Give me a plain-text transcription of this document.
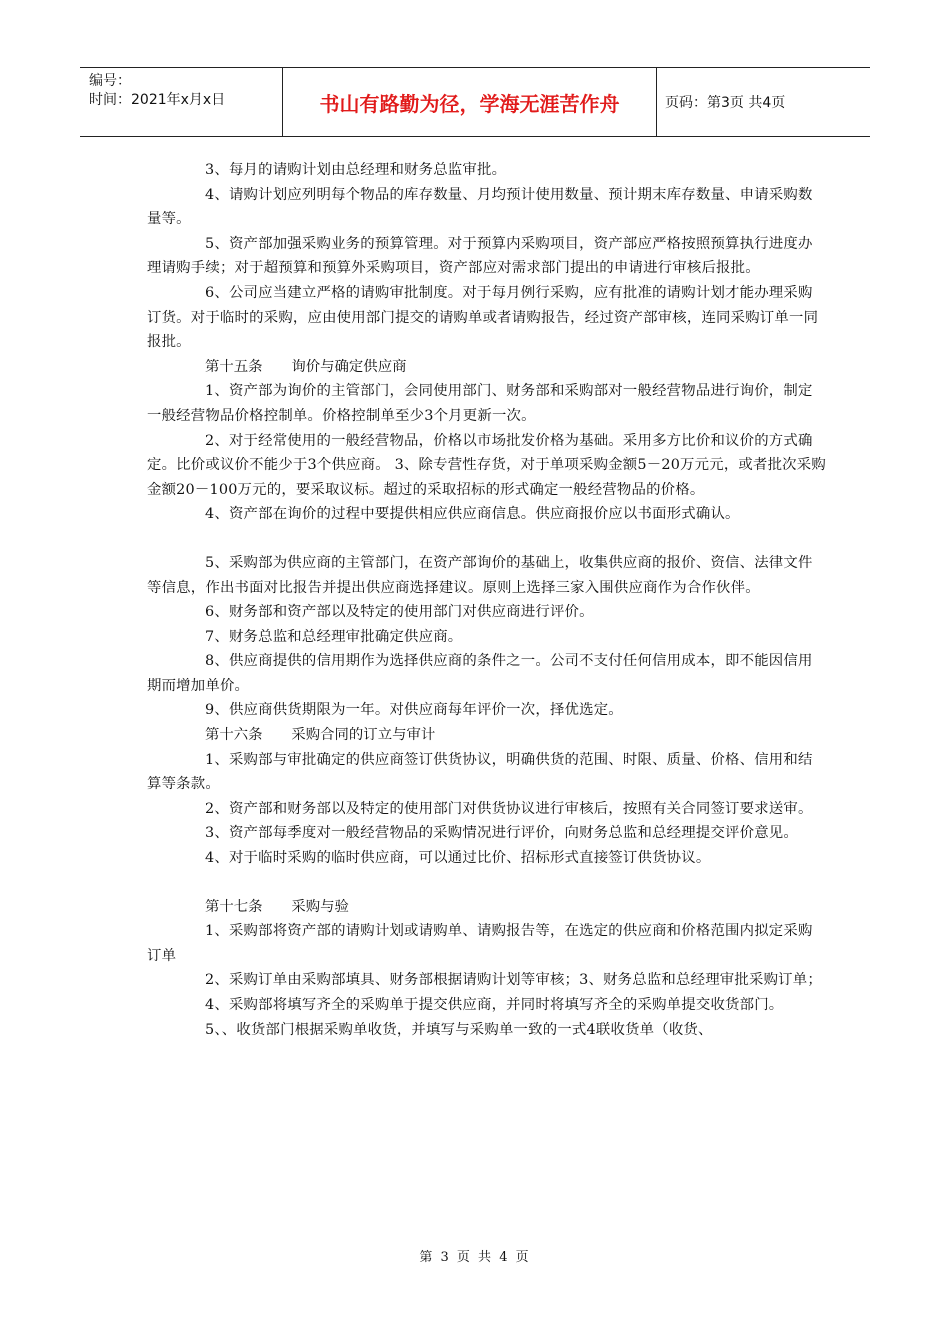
编号：
时间：2021年x月x日	书山有路勤为径，学海无涯苦作舟	页码：第3页 共4页

3、每月的请购计划由总经理和财务总监审批。

4、请购计划应列明每个物品的库存数量、月均预计使用数量、预计期末库存数量、申请采购数量等。

5、资产部加强采购业务的预算管理。对于预算内采购项目，资产部应严格按照预算执行进度办理请购手续；对于超预算和预算外采购项目，资产部应对需求部门提出的申请进行审核后报批。

6、公司应当建立严格的请购审批制度。对于每月例行采购，应有批准的请购计划才能办理采购订货。对于临时的采购，应由使用部门提交的请购单或者请购报告，经过资产部审核，连同采购订单一同报批。

第十五条　　询价与确定供应商

1、资产部为询价的主管部门，会同使用部门、财务部和采购部对一般经营物品进行询价，制定一般经营物品价格控制单。价格控制单至少3个月更新一次。

2、对于经常使用的一般经营物品，价格以市场批发价格为基础。采用多方比价和议价的方式确定。比价或议价不能少于3个供应商。 3、除专营性存货，对于单项采购金额5－20万元元，或者批次采购金额20－100万元的，要采取议标。超过的采取招标的形式确定一般经营物品的价格。

4、资产部在询价的过程中要提供相应供应商信息。供应商报价应以书面形式确认。

5、采购部为供应商的主管部门，在资产部询价的基础上，收集供应商的报价、资信、法律文件等信息，作出书面对比报告并提出供应商选择建议。原则上选择三家入围供应商作为合作伙伴。

6、财务部和资产部以及特定的使用部门对供应商进行评价。

7、财务总监和总经理审批确定供应商。

8、供应商提供的信用期作为选择供应商的条件之一。公司不支付任何信用成本，即不能因信用期而增加单价。

9、供应商供货期限为一年。对供应商每年评价一次，择优选定。

第十六条　　采购合同的订立与审计

1、采购部与审批确定的供应商签订供货协议，明确供货的范围、时限、质量、价格、信用和结算等条款。

2、资产部和财务部以及特定的使用部门对供货协议进行审核后，按照有关合同签订要求送审。

3、资产部每季度对一般经营物品的采购情况进行评价，向财务总监和总经理提交评价意见。

4、对于临时采购的临时供应商，可以通过比价、招标形式直接签订供货协议。

第十七条　　采购与验

1、采购部将资产部的请购计划或请购单、请购报告等，在选定的供应商和价格范围内拟定采购订单

2、采购订单由采购部填具、财务部根据请购计划等审核；3、财务总监和总经理审批采购订单；

4、采购部将填写齐全的采购单于提交供应商，并同时将填写齐全的采购单提交收货部门。

5、、收货部门根据采购单收货，并填写与采购单一致的一式4联收货单（收货、

第 3 页 共 4 页
